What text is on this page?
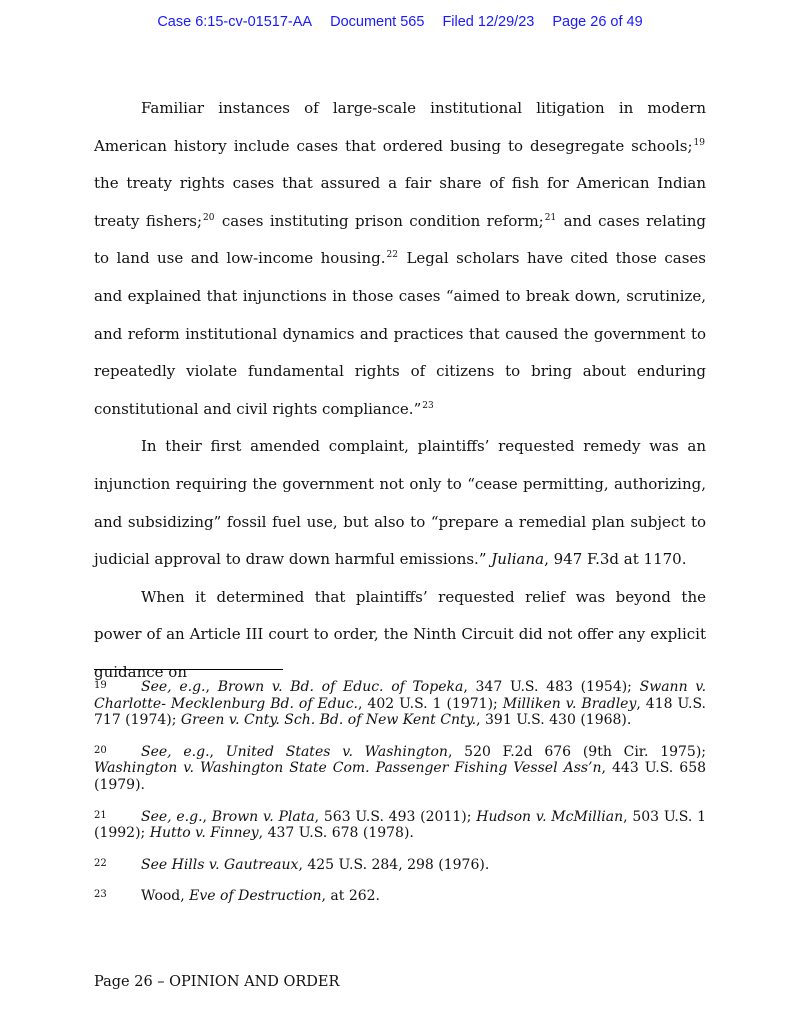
Case 6:15-cv-01517-AA Document 565 Filed 12/29/23 Page 26 of 49

Familiar instances of large-scale institutional litigation in modern American history include cases that ordered busing to desegregate schools;$^{19}$ the treaty rights cases that assured a fair share of fish for American Indian treaty fishers;$^{20}$ cases instituting prison condition reform;$^{21}$ and cases relating to land use and low-income housing.$^{22}$ Legal scholars have cited those cases and explained that injunctions in those cases “aimed to break down, scrutinize, and reform institutional dynamics and practices that caused the government to repeatedly violate fundamental rights of citizens to bring about enduring constitutional and civil rights compliance.”$^{23}$

In their first amended complaint, plaintiffs’ requested remedy was an injunction requiring the government not only to “cease permitting, authorizing, and subsidizing” fossil fuel use, but also to “prepare a remedial plan subject to judicial approval to draw down harmful emissions.” Juliana, 947 F.3d at 1170.

When it determined that plaintiffs’ requested relief was beyond the power of an Article III court to order, the Ninth Circuit did not offer any explicit guidance on

19 See, e.g., Brown v. Bd. of Educ. of Topeka, 347 U.S. 483 (1954); Swann v. Charlotte- Mecklenburg Bd. of Educ., 402 U.S. 1 (1971); Milliken v. Bradley, 418 U.S. 717 (1974); Green v. Cnty. Sch. Bd. of New Kent Cnty., 391 U.S. 430 (1968).
20 See, e.g., United States v. Washington, 520 F.2d 676 (9th Cir. 1975); Washington v. Washington State Com. Passenger Fishing Vessel Ass’n, 443 U.S. 658 (1979).
21 See, e.g., Brown v. Plata, 563 U.S. 493 (2011); Hudson v. McMillian, 503 U.S. 1 (1992); Hutto v. Finney, 437 U.S. 678 (1978).
22 See Hills v. Gautreaux, 425 U.S. 284, 298 (1976).
23 Wood, Eve of Destruction, at 262.
Page 26 – OPINION AND ORDER
